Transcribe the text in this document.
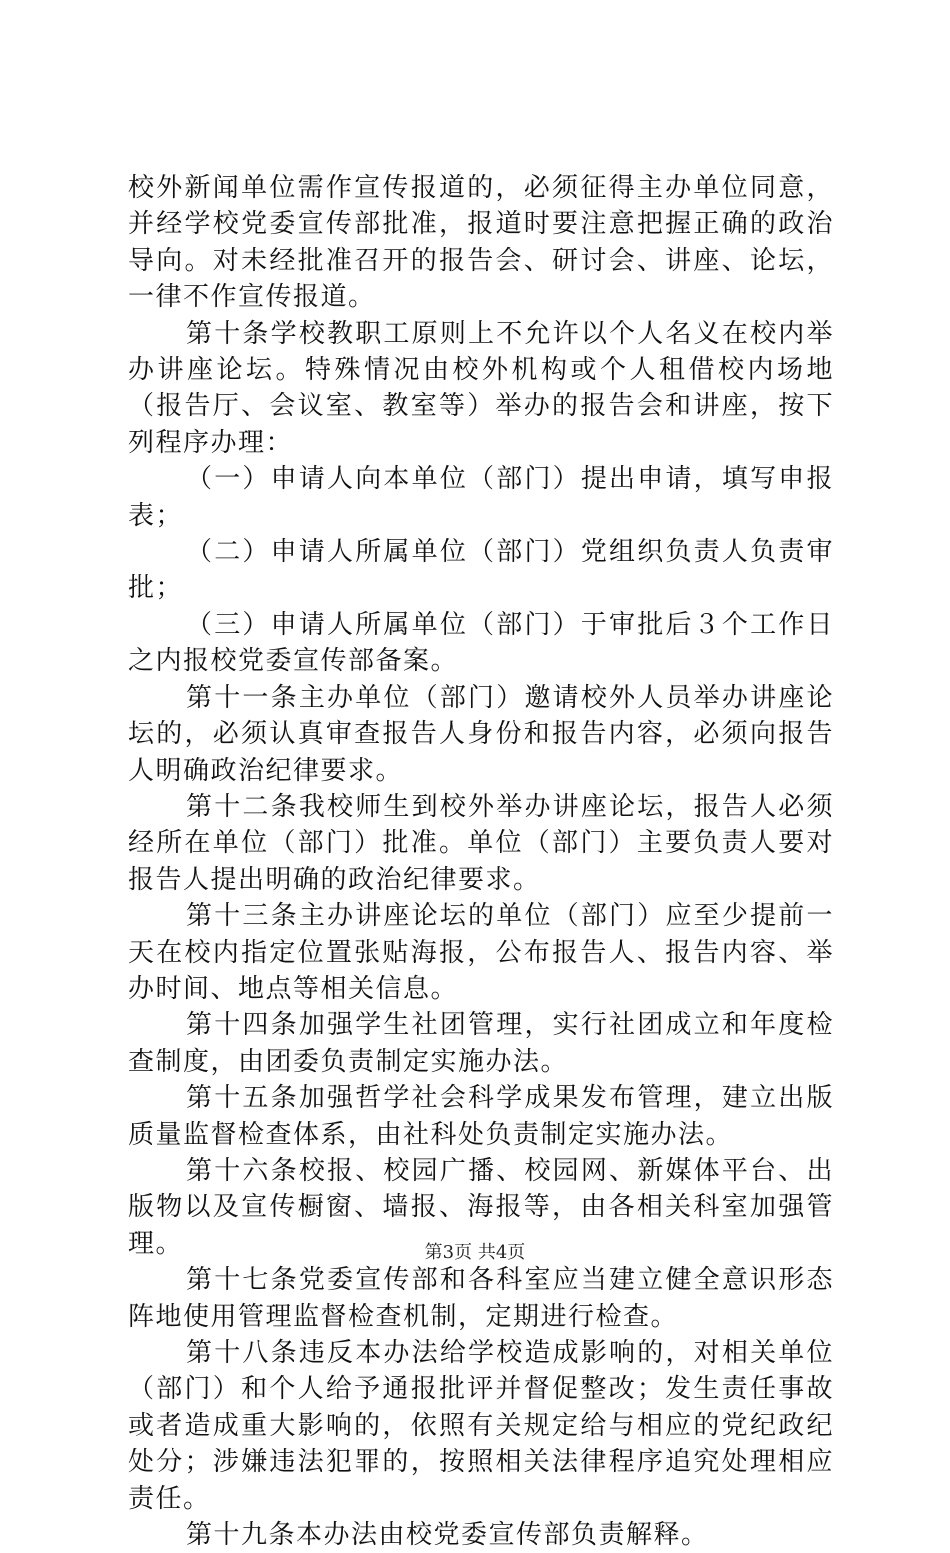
校外新闻单位需作宣传报道的，必须征得主办单位同意，并经学校党委宣传部批准，报道时要注意把握正确的政治导向。对未经批准召开的报告会、研讨会、讲座、论坛，一律不作宣传报道。

第十条学校教职工原则上不允许以个人名义在校内举办讲座论坛。特殊情况由校外机构或个人租借校内场地（报告厅、会议室、教室等）举办的报告会和讲座，按下列程序办理：

（一）申请人向本单位（部门）提出申请，填写申报表；

（二）申请人所属单位（部门）党组织负责人负责审批；

（三）申请人所属单位（部门）于审批后３个工作日之内报校党委宣传部备案。

第十一条主办单位（部门）邀请校外人员举办讲座论坛的，必须认真审查报告人身份和报告内容，必须向报告人明确政治纪律要求。

第十二条我校师生到校外举办讲座论坛，报告人必须经所在单位（部门）批准。单位（部门）主要负责人要对报告人提出明确的政治纪律要求。

第十三条主办讲座论坛的单位（部门）应至少提前一天在校内指定位置张贴海报，公布报告人、报告内容、举办时间、地点等相关信息。

第十四条加强学生社团管理，实行社团成立和年度检查制度，由团委负责制定实施办法。

第十五条加强哲学社会科学成果发布管理，建立出版质量监督检查体系，由社科处负责制定实施办法。

第十六条校报、校园广播、校园网、新媒体平台、出版物以及宣传橱窗、墙报、海报等，由各相关科室加强管理。

第十七条党委宣传部和各科室应当建立健全意识形态阵地使用管理监督检查机制，定期进行检查。

第十八条违反本办法给学校造成影响的，对相关单位（部门）和个人给予通报批评并督促整改；发生责任事故或者造成重大影响的，依照有关规定给与相应的党纪政纪处分；涉嫌违法犯罪的，按照相关法律程序追究处理相应责任。

第十九条本办法由校党委宣传部负责解释。

第3页 共4页
